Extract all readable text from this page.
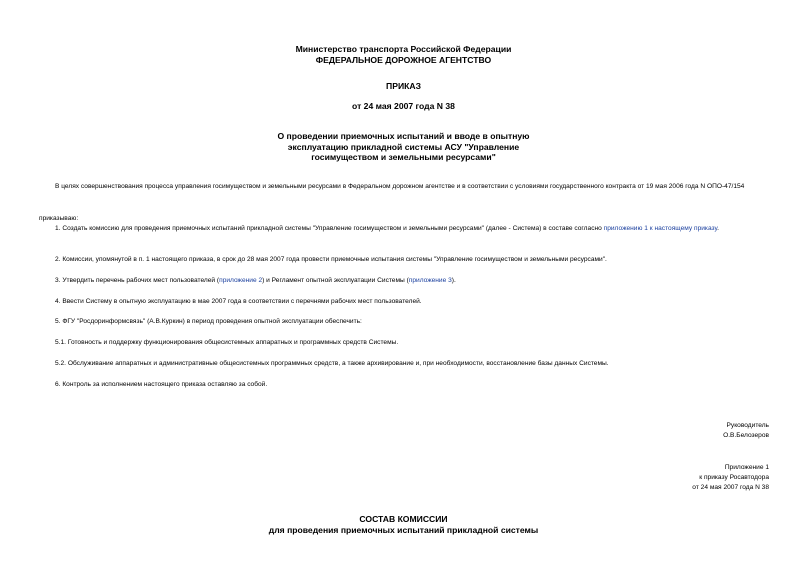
Министерство транспорта Российской Федерации
ФЕДЕРАЛЬНОЕ ДОРОЖНОЕ АГЕНТСТВО
ПРИКАЗ
от 24 мая 2007 года N 38
О проведении приемочных испытаний и вводе в опытную
эксплуатацию прикладной системы АСУ "Управление
госимуществом и земельными ресурсами"
В целях совершенствования процесса управления госимуществом и земельными ресурсами в Федеральном дорожном агентстве и в соответствии с условиями государственного контракта от 19 мая 2006 года N ОПО-47/154
приказываю:
1. Создать комиссию для проведения приемочных испытаний прикладной системы "Управление госимуществом и земельными ресурсами" (далее - Система) в составе согласно приложению 1 к настоящему приказу.
2. Комиссии, упомянутой в п. 1 настоящего приказа, в срок до 28 мая 2007 года провести приемочные испытания системы "Управление госимуществом и земельными ресурсами".
3. Утвердить перечень рабочих мест пользователей (приложение 2) и Регламент опытной эксплуатации Системы (приложение 3).
4. Ввести Систему в опытную эксплуатацию в мае 2007 года в соответствии с перечнями рабочих мест пользователей.
5. ФГУ "Росдоринформсвязь" (А.В.Куркин) в период проведения опытной эксплуатации обеспечить:
5.1. Готовность и поддержку функционирования общесистемных аппаратных и программных средств Системы.
5.2. Обслуживание аппаратных и административные общесистемных программных средств, а также архивирование и, при необходимости, восстановление базы данных Системы.
6. Контроль за исполнением настоящего приказа оставляю за собой.
Руководитель
О.В.Белозеров
Приложение 1
к приказу Росавтодора
от 24 мая 2007 года N 38
СОСТАВ КОМИССИИ
для проведения приемочных испытаний прикладной системы
